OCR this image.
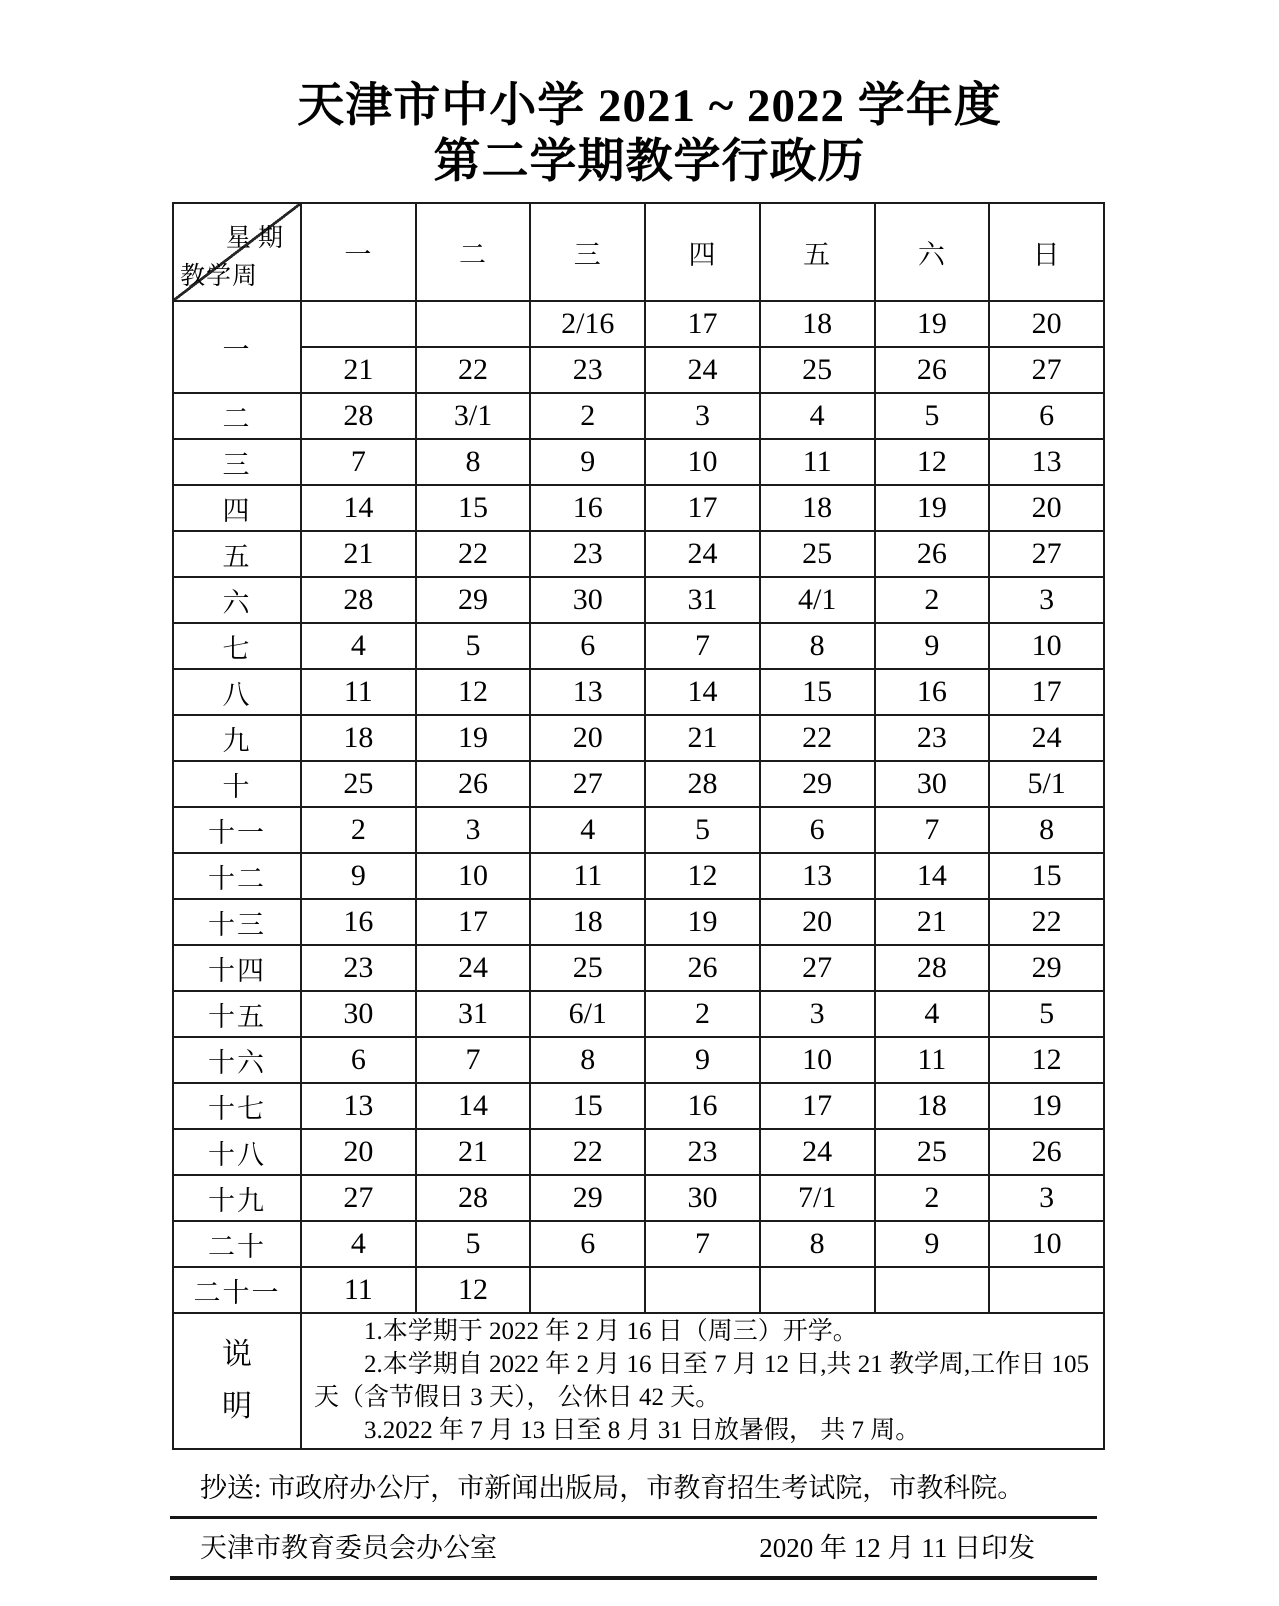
天津市中小学 2021 ~ 2022 学年度
第二学期教学行政历
星期
教学周	一	二	三	四	五	六	日
一			2/16	17	18	19	20
	21	22	23	24	25	26	27
二	28	3/1	2	3	4	5	6
三	7	8	9	10	11	12	13
四	14	15	16	17	18	19	20
五	21	22	23	24	25	26	27
六	28	29	30	31	4/1	2	3
七	4	5	6	7	8	9	10
八	11	12	13	14	15	16	17
九	18	19	20	21	22	23	24
十	25	26	27	28	29	30	5/1
十一	2	3	4	5	6	7	8
十二	9	10	11	12	13	14	15
十三	16	17	18	19	20	21	22
十四	23	24	25	26	27	28	29
十五	30	31	6/1	2	3	4	5
十六	6	7	8	9	10	11	12
十七	13	14	15	16	17	18	19
十八	20	21	22	23	24	25	26
十九	27	28	29	30	7/1	2	3
二十	4	5	6	7	8	9	10
二十一	11	12					

说明	1.本学期于 2022 年 2 月 16 日（周三）开学。

2.本学期自 2022 年 2 月 16 日至 7 月 12 日,共 21 教学周,工作日 105 天（含节假日 3 天）， 公休日 42 天。

3.2022 年 7 月 13 日至 8 月 31 日放暑假， 共 7 周。						

抄送: 市政府办公厅，市新闻出版局，市教育招生考试院，市教科院。
天津市教育委员会办公室	2020 年 12 月 11 日印发
